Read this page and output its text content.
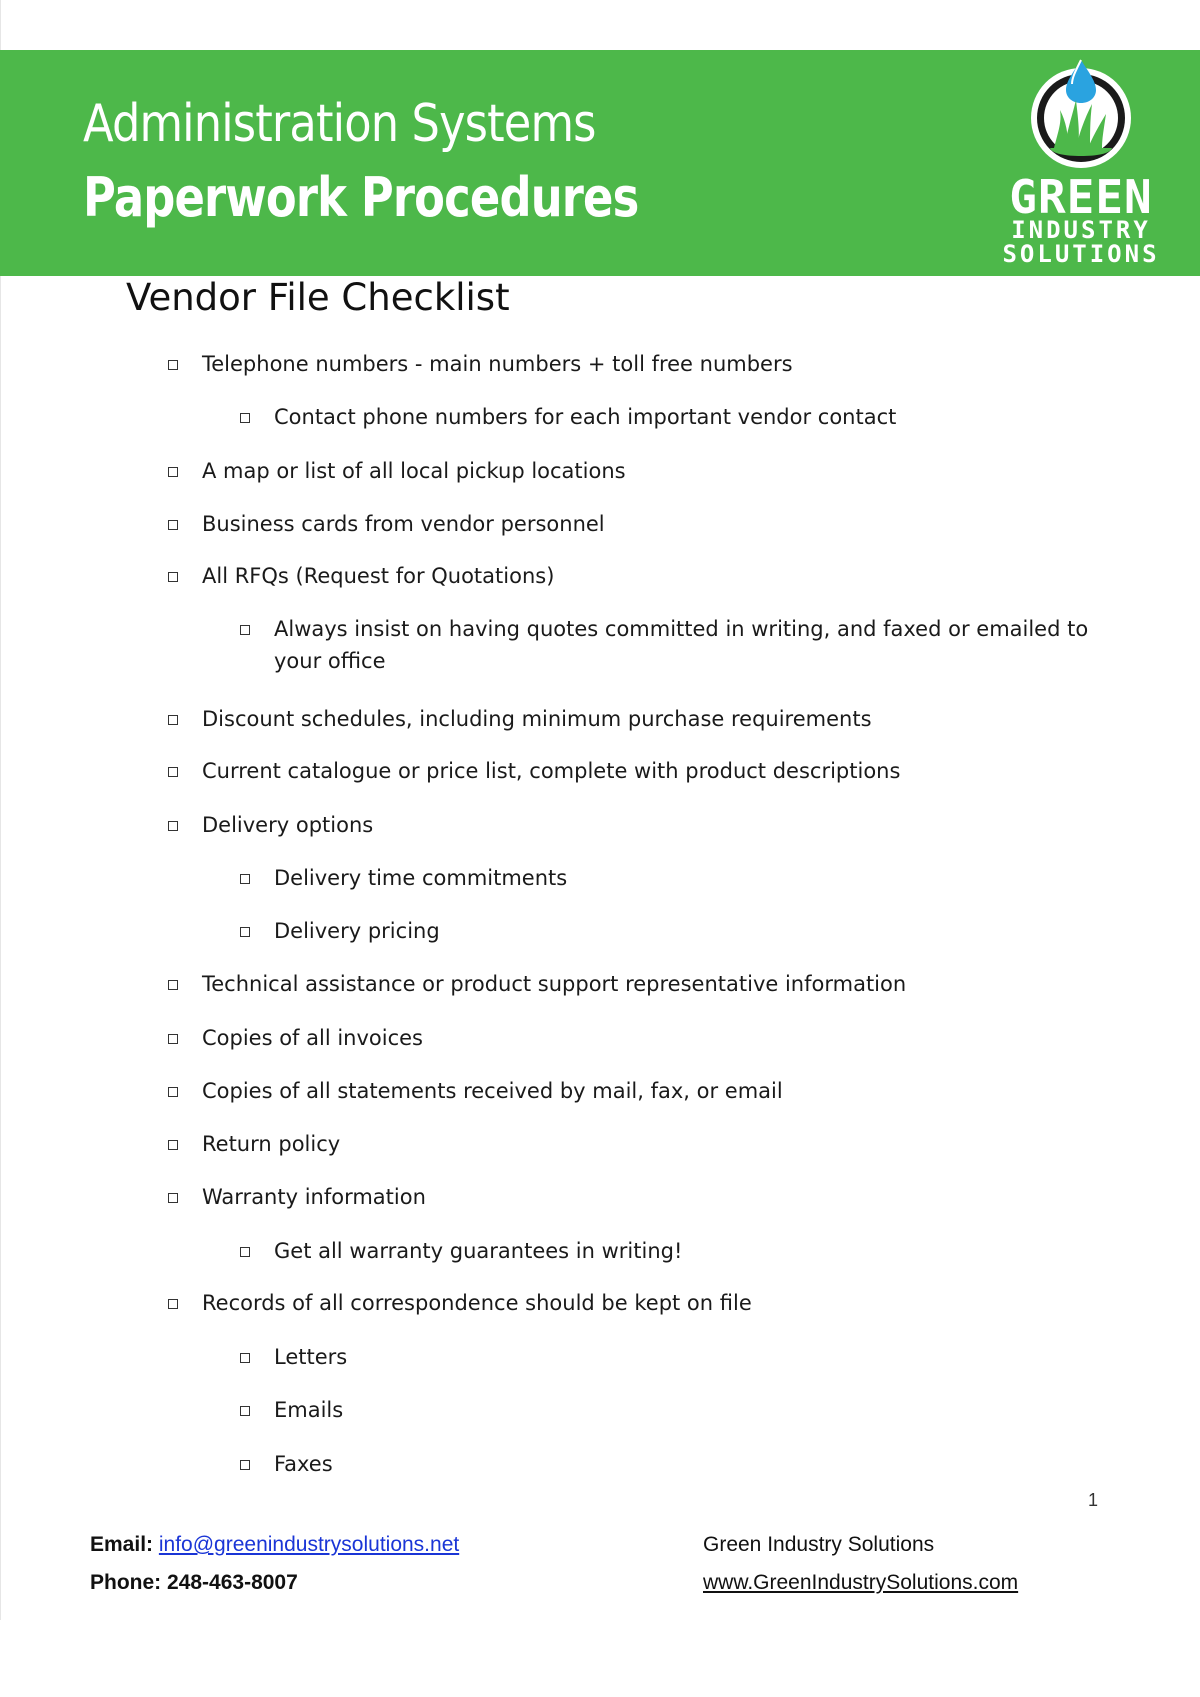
Administration Systems
Paperwork Procedures	GREEN
INDUSTRY
SOLUTIONS
Vendor File Checklist
Telephone numbers - main numbers + toll free numbers
Contact phone numbers for each important vendor contact
A map or list of all local pickup locations
Business cards from vendor personnel
All RFQs (Request for Quotations)
Always insist on having quotes committed in writing, and faxed or emailed to your office
Discount schedules, including minimum purchase requirements
Current catalogue or price list, complete with product descriptions
Delivery options
Delivery time commitments
Delivery pricing
Technical assistance or product support representative information
Copies of all invoices
Copies of all statements received by mail, fax, or email
Return policy
Warranty information
Get all warranty guarantees in writing!
Records of all correspondence should be kept on file
Letters
Emails
Faxes
1
Email: info@greenindustrysolutions.net
Phone: 248-463-8007
Green Industry Solutions
www.GreenIndustrySolutions.com
